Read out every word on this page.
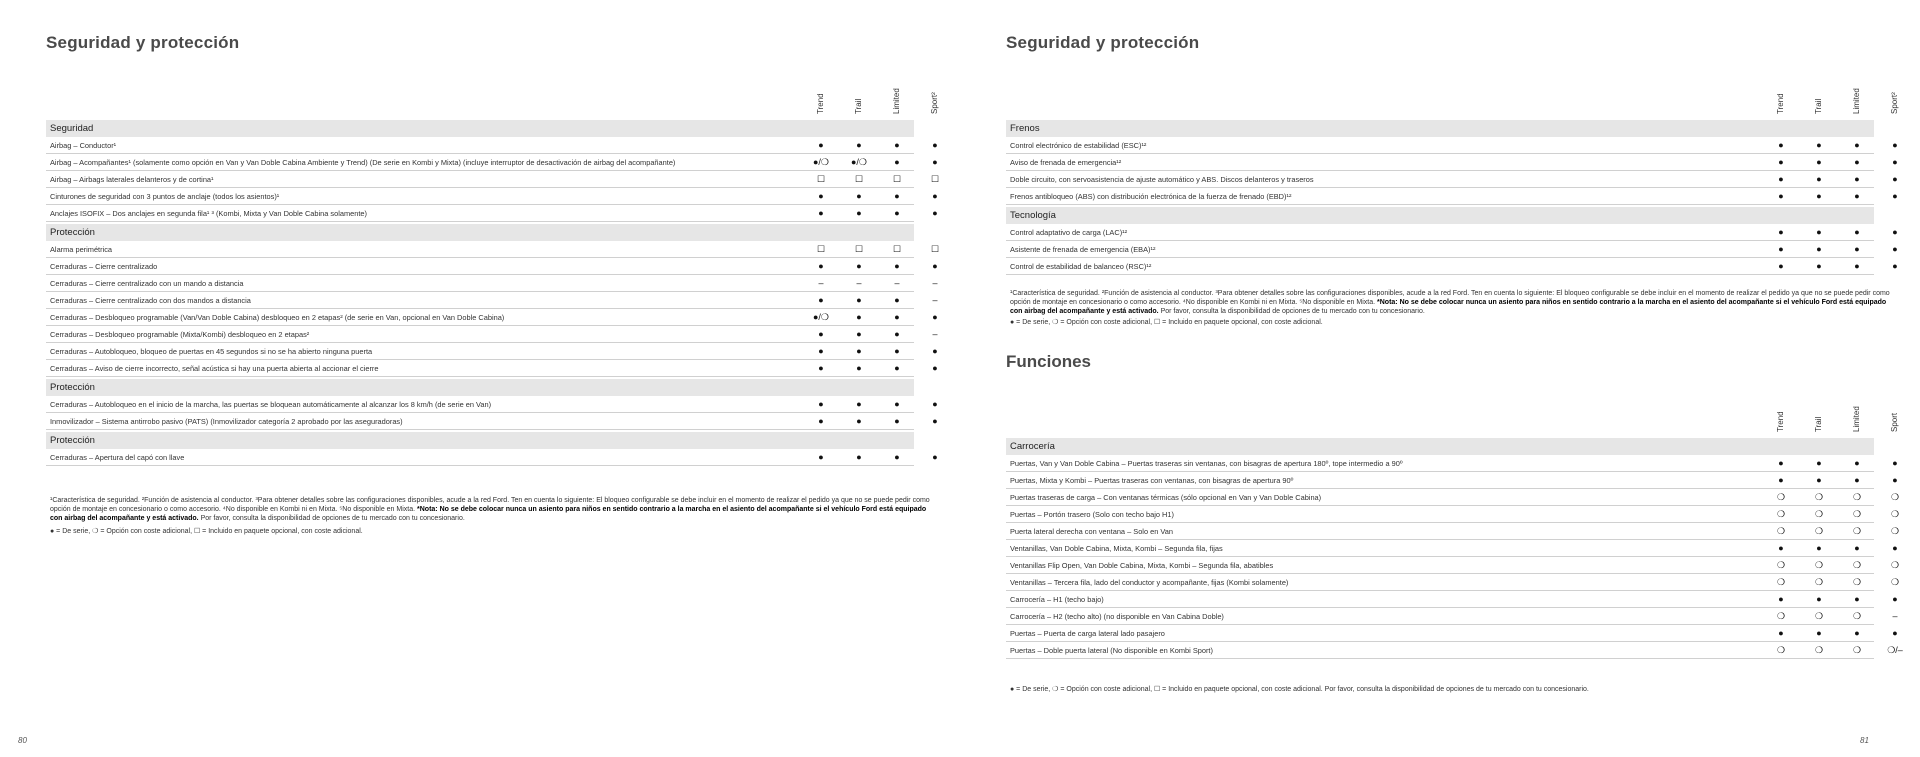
Seguridad y protección
Trend	Trail	Limited	Sport²
Seguridad
Airbag – Conductor¹	●	●	●	●
Airbag – Acompañantes¹ (solamente como opción en Van y Van Doble Cabina Ambiente y Trend) (De serie en Kombi y Mixta) (incluye interruptor de desactivación de airbag del acompañante)	●/❍	●/❍	●	●
Airbag – Airbags laterales delanteros y de cortina¹	☐	☐	☐	☐
Cinturones de seguridad con 3 puntos de anclaje (todos los asientos)¹	●	●	●	●
Anclajes ISOFIX – Dos anclajes en segunda fila¹ ³ (Kombi, Mixta y Van Doble Cabina solamente)	●	●	●	●
Protección
Alarma perimétrica	☐	☐	☐	☐
Cerraduras – Cierre centralizado	●	●	●	●
Cerraduras – Cierre centralizado con un mando a distancia	–	–	–	–
Cerraduras – Cierre centralizado con dos mandos a distancia	●	●	●	–
Cerraduras – Desbloqueo programable (Van/Van Doble Cabina) desbloqueo en 2 etapas² (de serie en Van, opcional en Van Doble Cabina)	●/❍	●	●	●
Cerraduras – Desbloqueo programable (Mixta/Kombi) desbloqueo en 2 etapas²	●	●	●	–
Cerraduras – Autobloqueo, bloqueo de puertas en 45 segundos si no se ha abierto ninguna puerta	●	●	●	●
Cerraduras – Aviso de cierre incorrecto, señal acústica si hay una puerta abierta al accionar el cierre	●	●	●	●
Protección
Cerraduras – Autobloqueo en el inicio de la marcha, las puertas se bloquean automáticamente al alcanzar los 8 km/h (de serie en Van)	●	●	●	●
Inmovilizador – Sistema antirrobo pasivo (PATS) (Inmovilizador categoría 2 aprobado por las aseguradoras)	●	●	●	●
Protección
Cerraduras – Apertura del capó con llave	●	●	●	●
¹Característica de seguridad. ²Función de asistencia al conductor. ³Para obtener detalles sobre las configuraciones disponibles, acude a la red Ford. Ten en cuenta lo siguiente: El bloqueo configurable se debe incluir en el momento de realizar el pedido ya que no se puede pedir como opción de montaje en concesionario o como accesorio. ⁴No disponible en Kombi ni en Mixta. ⁵No disponible en Mixta. *Nota: No se debe colocar nunca un asiento para niños en sentido contrario a la marcha en el asiento del acompañante si el vehículo Ford está equipado con airbag del acompañante y está activado. Por favor, consulta la disponibilidad de opciones de tu mercado con tu concesionario.
● = De serie, ❍ = Opción con coste adicional, ☐ = Incluido en paquete opcional, con coste adicional.
80
Seguridad y protección
Trend	Trail	Limited	Sport²
Frenos
Control electrónico de estabilidad (ESC)¹²	●	●	●	●
Aviso de frenada de emergencia¹²	●	●	●	●
Doble circuito, con servoasistencia de ajuste automático y ABS. Discos delanteros y traseros	●	●	●	●
Frenos antibloqueo (ABS) con distribución electrónica de la fuerza de frenado (EBD)¹²	●	●	●	●
Tecnología
Control adaptativo de carga (LAC)¹²	●	●	●	●
Asistente de frenada de emergencia (EBA)¹²	●	●	●	●
Control de estabilidad de balanceo (RSC)¹²	●	●	●	●
¹Característica de seguridad. ²Función de asistencia al conductor. ³Para obtener detalles sobre las configuraciones disponibles, acude a la red Ford. Ten en cuenta lo siguiente: El bloqueo configurable se debe incluir en el momento de realizar el pedido ya que no se puede pedir como opción de montaje en concesionario o como accesorio. ⁴No disponible en Kombi ni en Mixta. ⁵No disponible en Mixta. *Nota: No se debe colocar nunca un asiento para niños en sentido contrario a la marcha en el asiento del acompañante si el vehículo Ford está equipado con airbag del acompañante y está activado. Por favor, consulta la disponibilidad de opciones de tu mercado con tu concesionario.
● = De serie, ❍ = Opción con coste adicional, ☐ = Incluido en paquete opcional, con coste adicional.
Funciones
Trend	Trail	Limited	Sport
Carrocería
Puertas, Van y Van Doble Cabina – Puertas traseras sin ventanas, con bisagras de apertura 180º, tope intermedio a 90º	●	●	●	●
Puertas, Mixta y Kombi – Puertas traseras con ventanas, con bisagras de apertura 90º	●	●	●	●
Puertas traseras de carga – Con ventanas térmicas (sólo opcional en Van y Van Doble Cabina)	❍	❍	❍	❍
Puertas – Portón trasero (Solo con techo bajo H1)	❍	❍	❍	❍
Puerta lateral derecha con ventana – Solo en Van	❍	❍	❍	❍
Ventanillas, Van Doble Cabina, Mixta, Kombi – Segunda fila, fijas	●	●	●	●
Ventanillas Flip Open, Van Doble Cabina, Mixta, Kombi – Segunda fila, abatibles	❍	❍	❍	❍
Ventanillas – Tercera fila, lado del conductor y acompañante, fijas (Kombi solamente)	❍	❍	❍	❍
Carrocería – H1 (techo bajo)	●	●	●	●
Carrocería – H2 (techo alto) (no disponible en Van Cabina Doble)	❍	❍	❍	–
Puertas – Puerta de carga lateral lado pasajero	●	●	●	●
Puertas – Doble puerta lateral (No disponible en Kombi Sport)	❍	❍	❍	❍/–
● = De serie, ❍ = Opción con coste adicional, ☐ = Incluido en paquete opcional, con coste adicional. Por favor, consulta la disponibilidad de opciones de tu mercado con tu concesionario.
81
